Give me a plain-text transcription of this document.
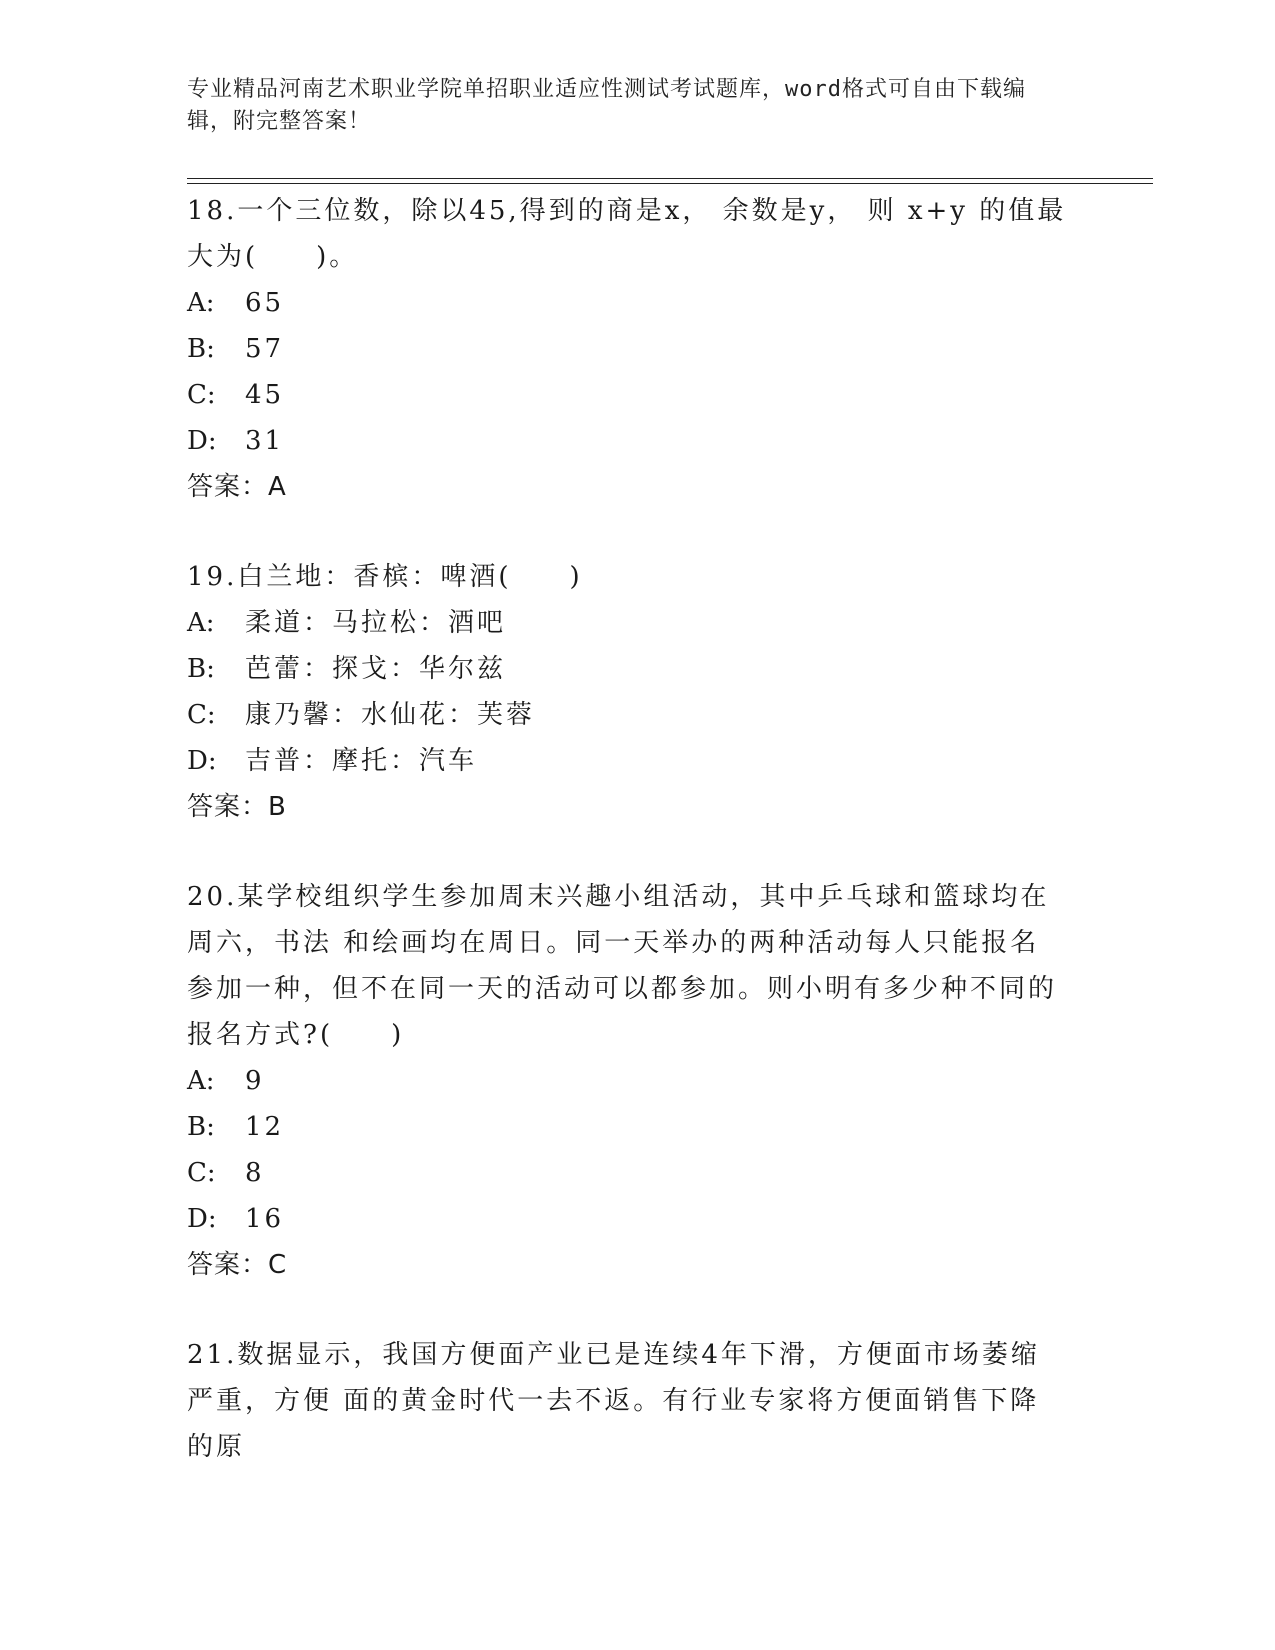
专业精品河南艺术职业学院单招职业适应性测试考试题库，word格式可自由下载编辑，附完整答案！

18.一个三位数，除以45,得到的商是x， 余数是y， 则 x+y 的值最大为(　　)。

A:	65
B:	57
C:	45
D:	31

答案：A

19.白兰地：香槟：啤酒(　　)

A:	柔道：马拉松：酒吧
B:	芭蕾：探戈：华尔兹
C:	康乃馨：水仙花：芙蓉
D:	吉普：摩托：汽车

答案：B

20.某学校组织学生参加周末兴趣小组活动，其中乒乓球和篮球均在周六，书法 和绘画均在周日。同一天举办的两种活动每人只能报名参加一种，但不在同一天的活动可以都参加。则小明有多少种不同的报名方式?(　　)

A:	9
B:	12
C:	8
D:	16

答案：C

21.数据显示，我国方便面产业已是连续4年下滑，方便面市场萎缩严重，方便 面的黄金时代一去不返。有行业专家将方便面销售下降的原
